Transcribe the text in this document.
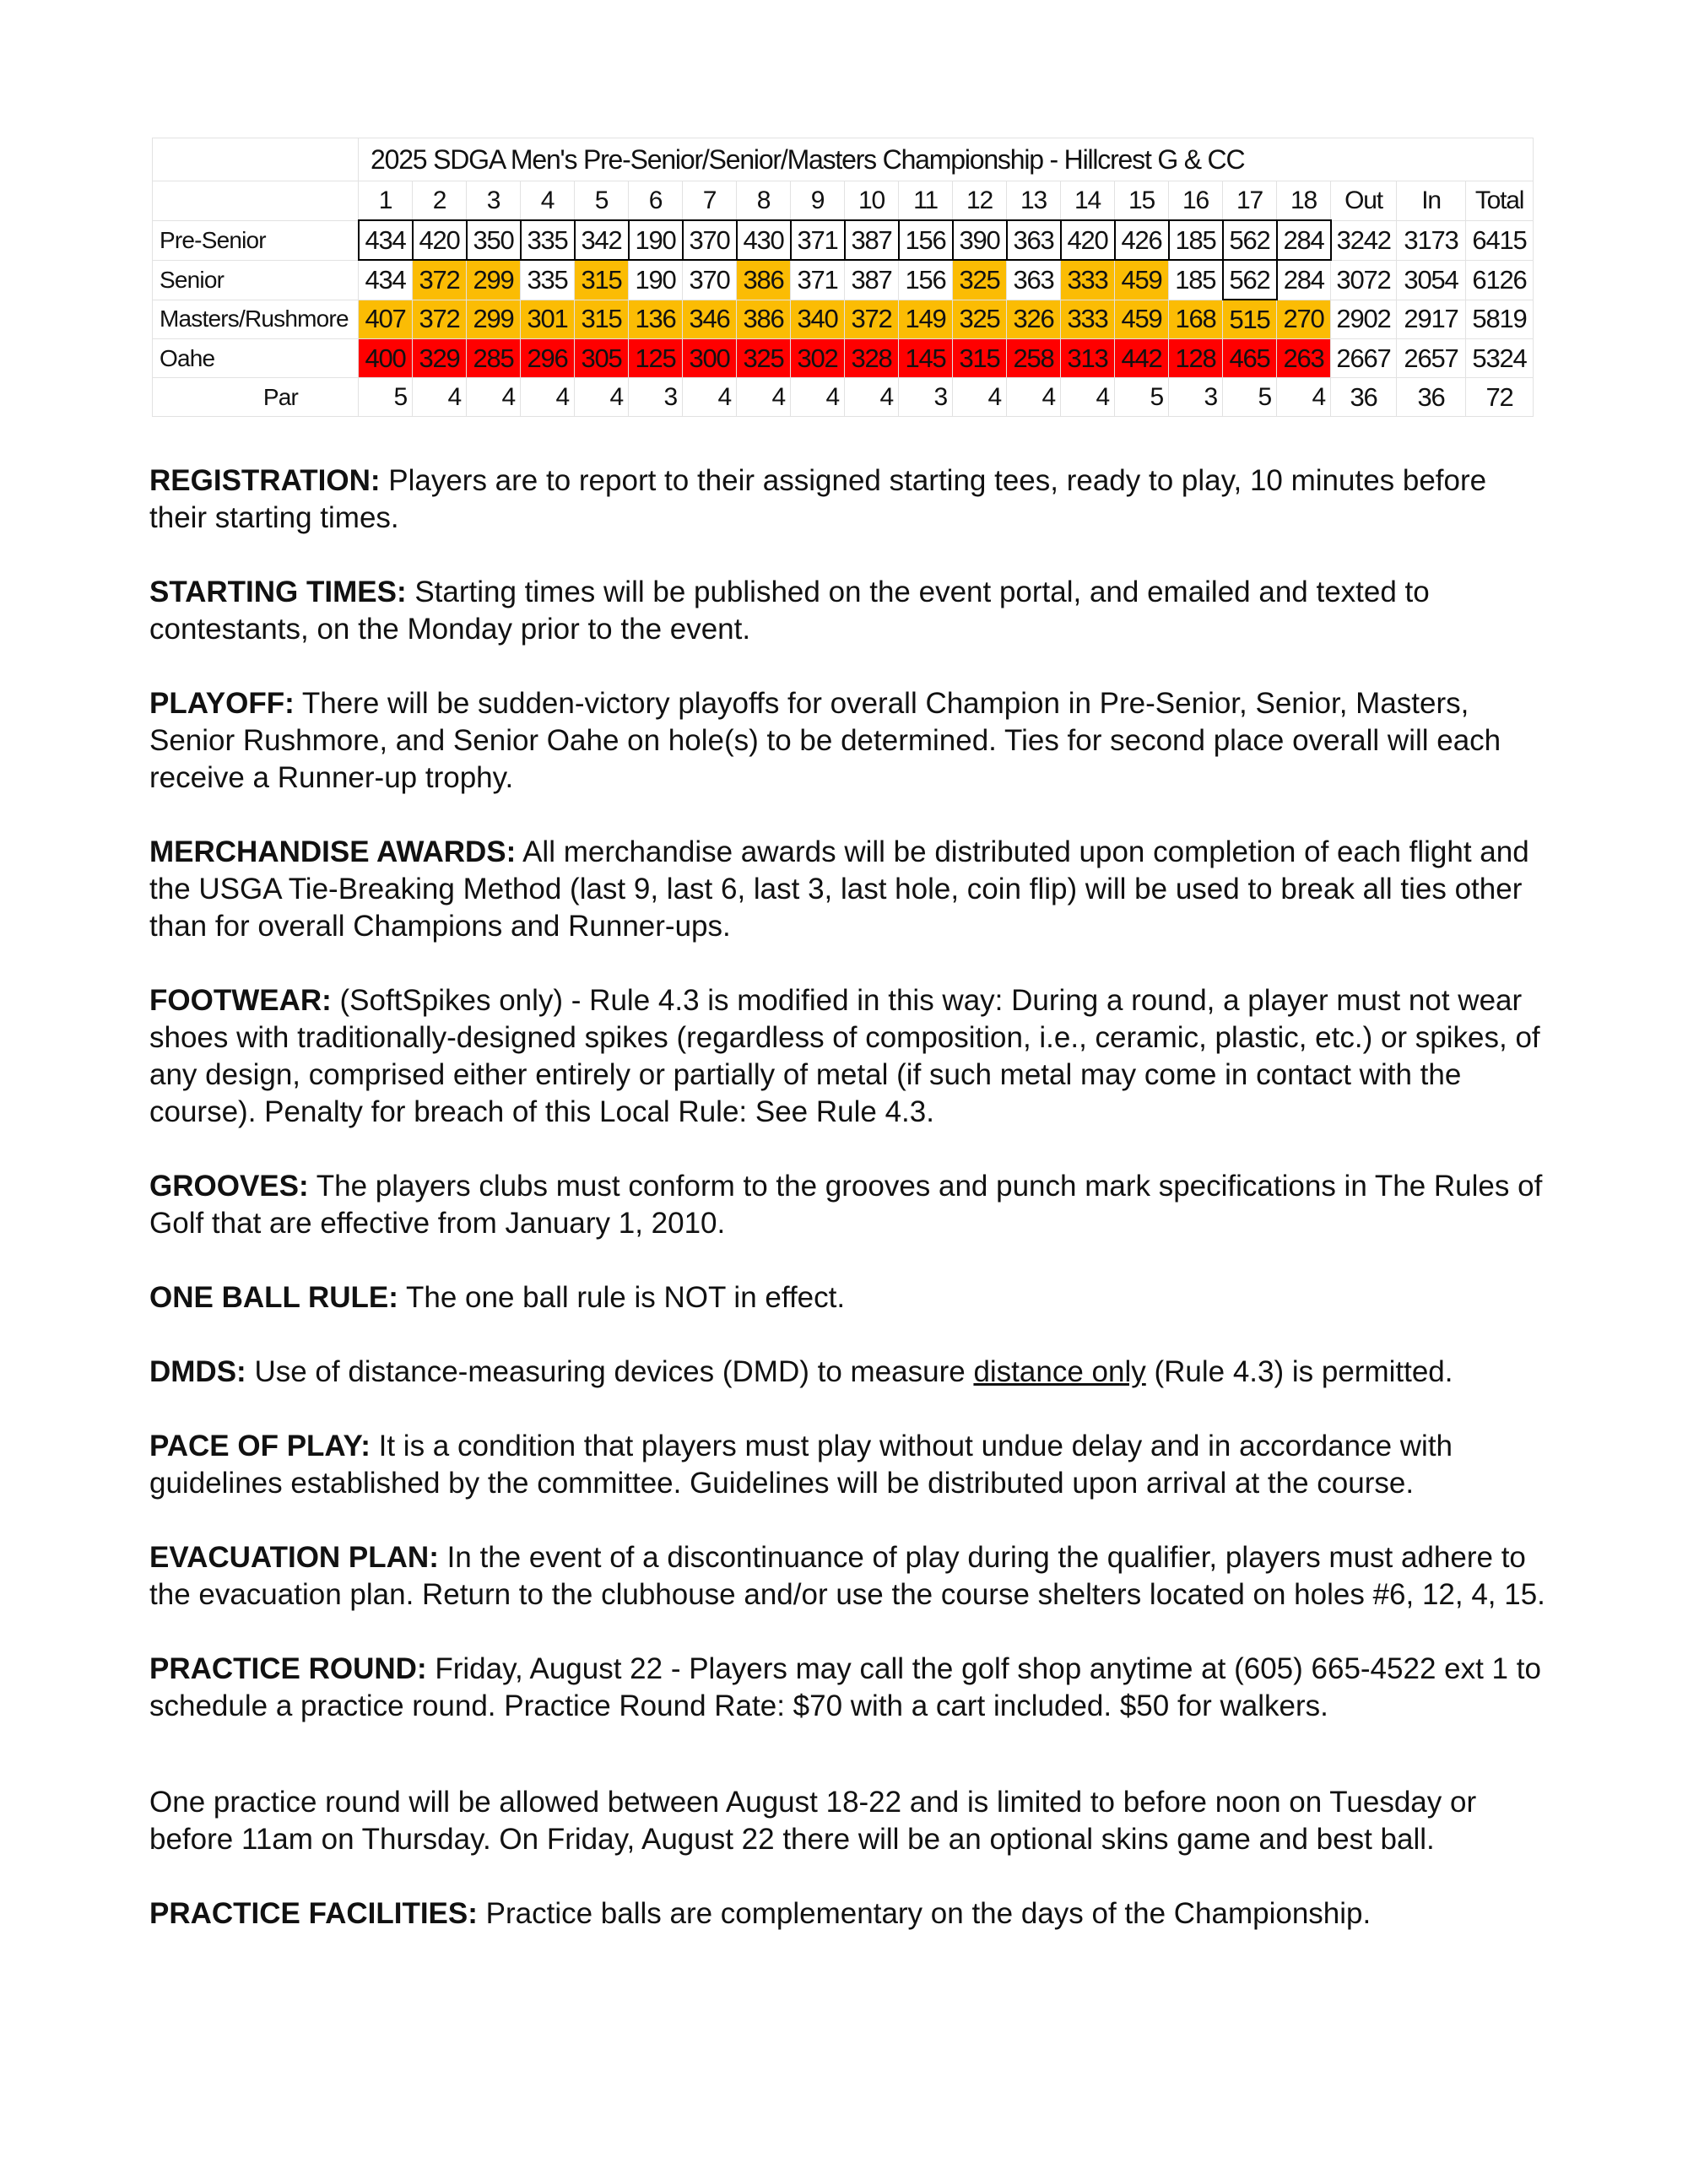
	2025 SDGA Men's Pre-Senior/Senior/Masters Championship - Hillcrest G & CC																				
	1	2	3	4	5	6	7	8	9	10	11	12	13	14	15	16	17	18	Out	In	Total
Pre-Senior	434	420	350	335	342	190	370	430	371	387	156	390	363	420	426	185	562	284	3242	3173	6415
Senior	434	372	299	335	315	190	370	386	371	387	156	325	363	333	459	185	562	284	3072	3054	6126
Masters/Rushmore	407	372	299	301	315	136	346	386	340	372	149	325	326	333	459	168	515	270	2902	2917	5819
Oahe	400	329	285	296	305	125	300	325	302	328	145	315	258	313	442	128	465	263	2667	2657	5324
Par	5	4	4	4	4	3	4	4	4	4	3	4	4	4	5	3	5	4	36	36	72

REGISTRATION: Players are to report to their assigned starting tees, ready to play, 10 minutes before their starting times.

STARTING TIMES: Starting times will be published on the event portal, and emailed and texted to contestants, on the Monday prior to the event.

PLAYOFF: There will be sudden-victory playoffs for overall Champion in Pre-Senior, Senior, Masters, Senior Rushmore, and Senior Oahe on hole(s) to be determined. Ties for second place overall will each receive a Runner-up trophy.

MERCHANDISE AWARDS: All merchandise awards will be distributed upon completion of each flight and the USGA Tie-Breaking Method (last 9, last 6, last 3, last hole, coin flip) will be used to break all ties other than for overall Champions and Runner-ups.

FOOTWEAR: (SoftSpikes only) - Rule 4.3 is modified in this way: During a round, a player must not wear shoes with traditionally-designed spikes (regardless of composition, i.e., ceramic, plastic, etc.) or spikes, of any design, comprised either entirely or partially of metal (if such metal may come in contact with the course). Penalty for breach of this Local Rule: See Rule 4.3.

GROOVES: The players clubs must conform to the grooves and punch mark specifications in The Rules of Golf that are effective from January 1, 2010.

ONE BALL RULE: The one ball rule is NOT in effect.

DMDS: Use of distance-measuring devices (DMD) to measure distance only (Rule 4.3) is permitted.

PACE OF PLAY: It is a condition that players must play without undue delay and in accordance with guidelines established by the committee. Guidelines will be distributed upon arrival at the course.

EVACUATION PLAN: In the event of a discontinuance of play during the qualifier, players must adhere to the evacuation plan. Return to the clubhouse and/or use the course shelters located on holes #6, 12, 4, 15.

PRACTICE ROUND: Friday, August 22 - Players may call the golf shop anytime at (605) 665-4522 ext 1 to schedule a practice round. Practice Round Rate: $70 with a cart included. $50 for walkers.

One practice round will be allowed between August 18-22 and is limited to before noon on Tuesday or before 11am on Thursday. On Friday, August 22 there will be an optional skins game and best ball.

PRACTICE FACILITIES: Practice balls are complementary on the days of the Championship.
